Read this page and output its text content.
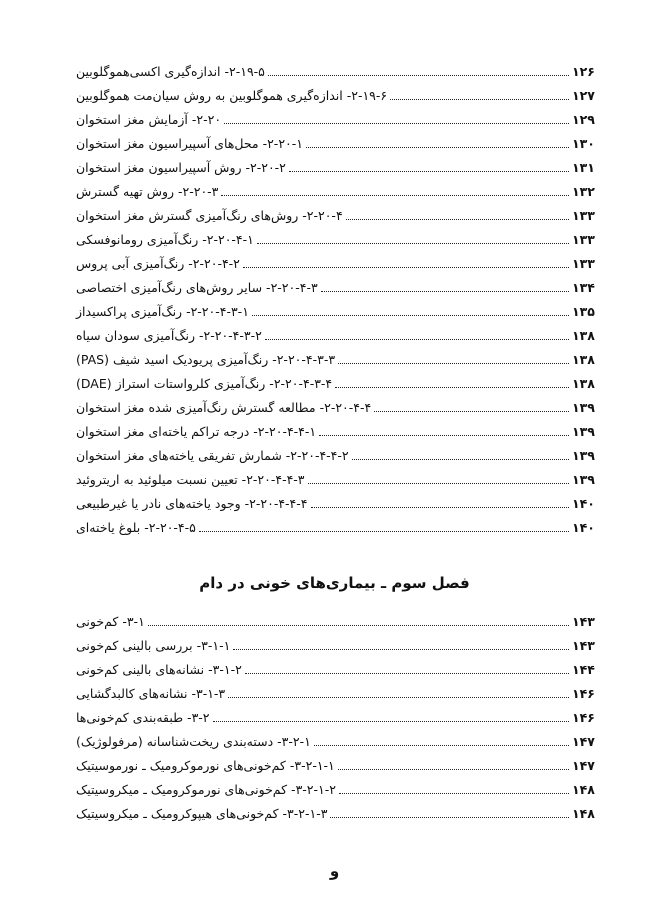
۲-۱۹-۵- اندازه‌گیری اکسی‌هموگلوبین	۱۲۶
۲-۱۹-۶- اندازه‌گیری هموگلوبین به روش سیان‌مت هموگلوبین	۱۲۷
۲-۲۰- آزمایش مغز استخوان	۱۲۹
۲-۲۰-۱- محل‌های آسپیراسیون مغز استخوان	۱۳۰
۲-۲۰-۲- روش آسپیراسیون مغز استخوان	۱۳۱
۲-۲۰-۳- روش تهیه گسترش	۱۳۲
۲-۲۰-۴- روش‌های رنگ‌آمیزی گسترش مغز استخوان	۱۳۳
۲-۲۰-۴-۱- رنگ‌آمیزی رومانوفسکی	۱۳۳
۲-۲۰-۴-۲- رنگ‌آمیزی آبی پروس	۱۳۳
۲-۲۰-۴-۳- سایر روش‌های رنگ‌آمیزی اختصاصی	۱۳۴
۲-۲۰-۴-۳-۱- رنگ‌آمیزی پراکسیداز	۱۳۵
۲-۲۰-۴-۳-۲- رنگ‌آمیزی سودان سیاه	۱۳۸
۲-۲۰-۴-۳-۳- رنگ‌آمیزی پریودیک اسید شیف (PAS)	۱۳۸
۲-۲۰-۴-۳-۴- رنگ‌آمیزی کلرواستات استراز (DAE)	۱۳۸
۲-۲۰-۴-۴- مطالعه گسترش رنگ‌آمیزی شده مغز استخوان	۱۳۹
۲-۲۰-۴-۴-۱- درجه تراکم یاخته‌ای مغز استخوان	۱۳۹
۲-۲۰-۴-۴-۲- شمارش تفریقی یاخته‌های مغز استخوان	۱۳۹
۲-۲۰-۴-۴-۳- تعیین نسبت میلوئید به اریتروئید	۱۳۹
۲-۲۰-۴-۴-۴- وجود یاخته‌های نادر یا غیرطبیعی	۱۴۰
۲-۲۰-۴-۵- بلوغ یاخته‌ای	۱۴۰
فصل سوم ـ بیماری‌های خونی در دام
۳-۱- کم‌خونی	۱۴۳
۳-۱-۱- بررسی بالینی کم‌خونی	۱۴۳
۳-۱-۲- نشانه‌های بالینی کم‌خونی	۱۴۴
۳-۱-۳- نشانه‌های کالبدگشایی	۱۴۶
۳-۲- طبقه‌بندی کم‌خونی‌ها	۱۴۶
۳-۲-۱- دسته‌بندی ریخت‌شناسانه (مرفولوژیک)	۱۴۷
۳-۲-۱-۱- کم‌خونی‌های نورموکرومیک ـ نورموسیتیک	۱۴۷
۳-۲-۱-۲- کم‌خونی‌های نورموکرومیک ـ میکروسیتیک	۱۴۸
۳-۲-۱-۳- کم‌خونی‌های هیپوکرومیک ـ میکروسیتیک	۱۴۸
و
